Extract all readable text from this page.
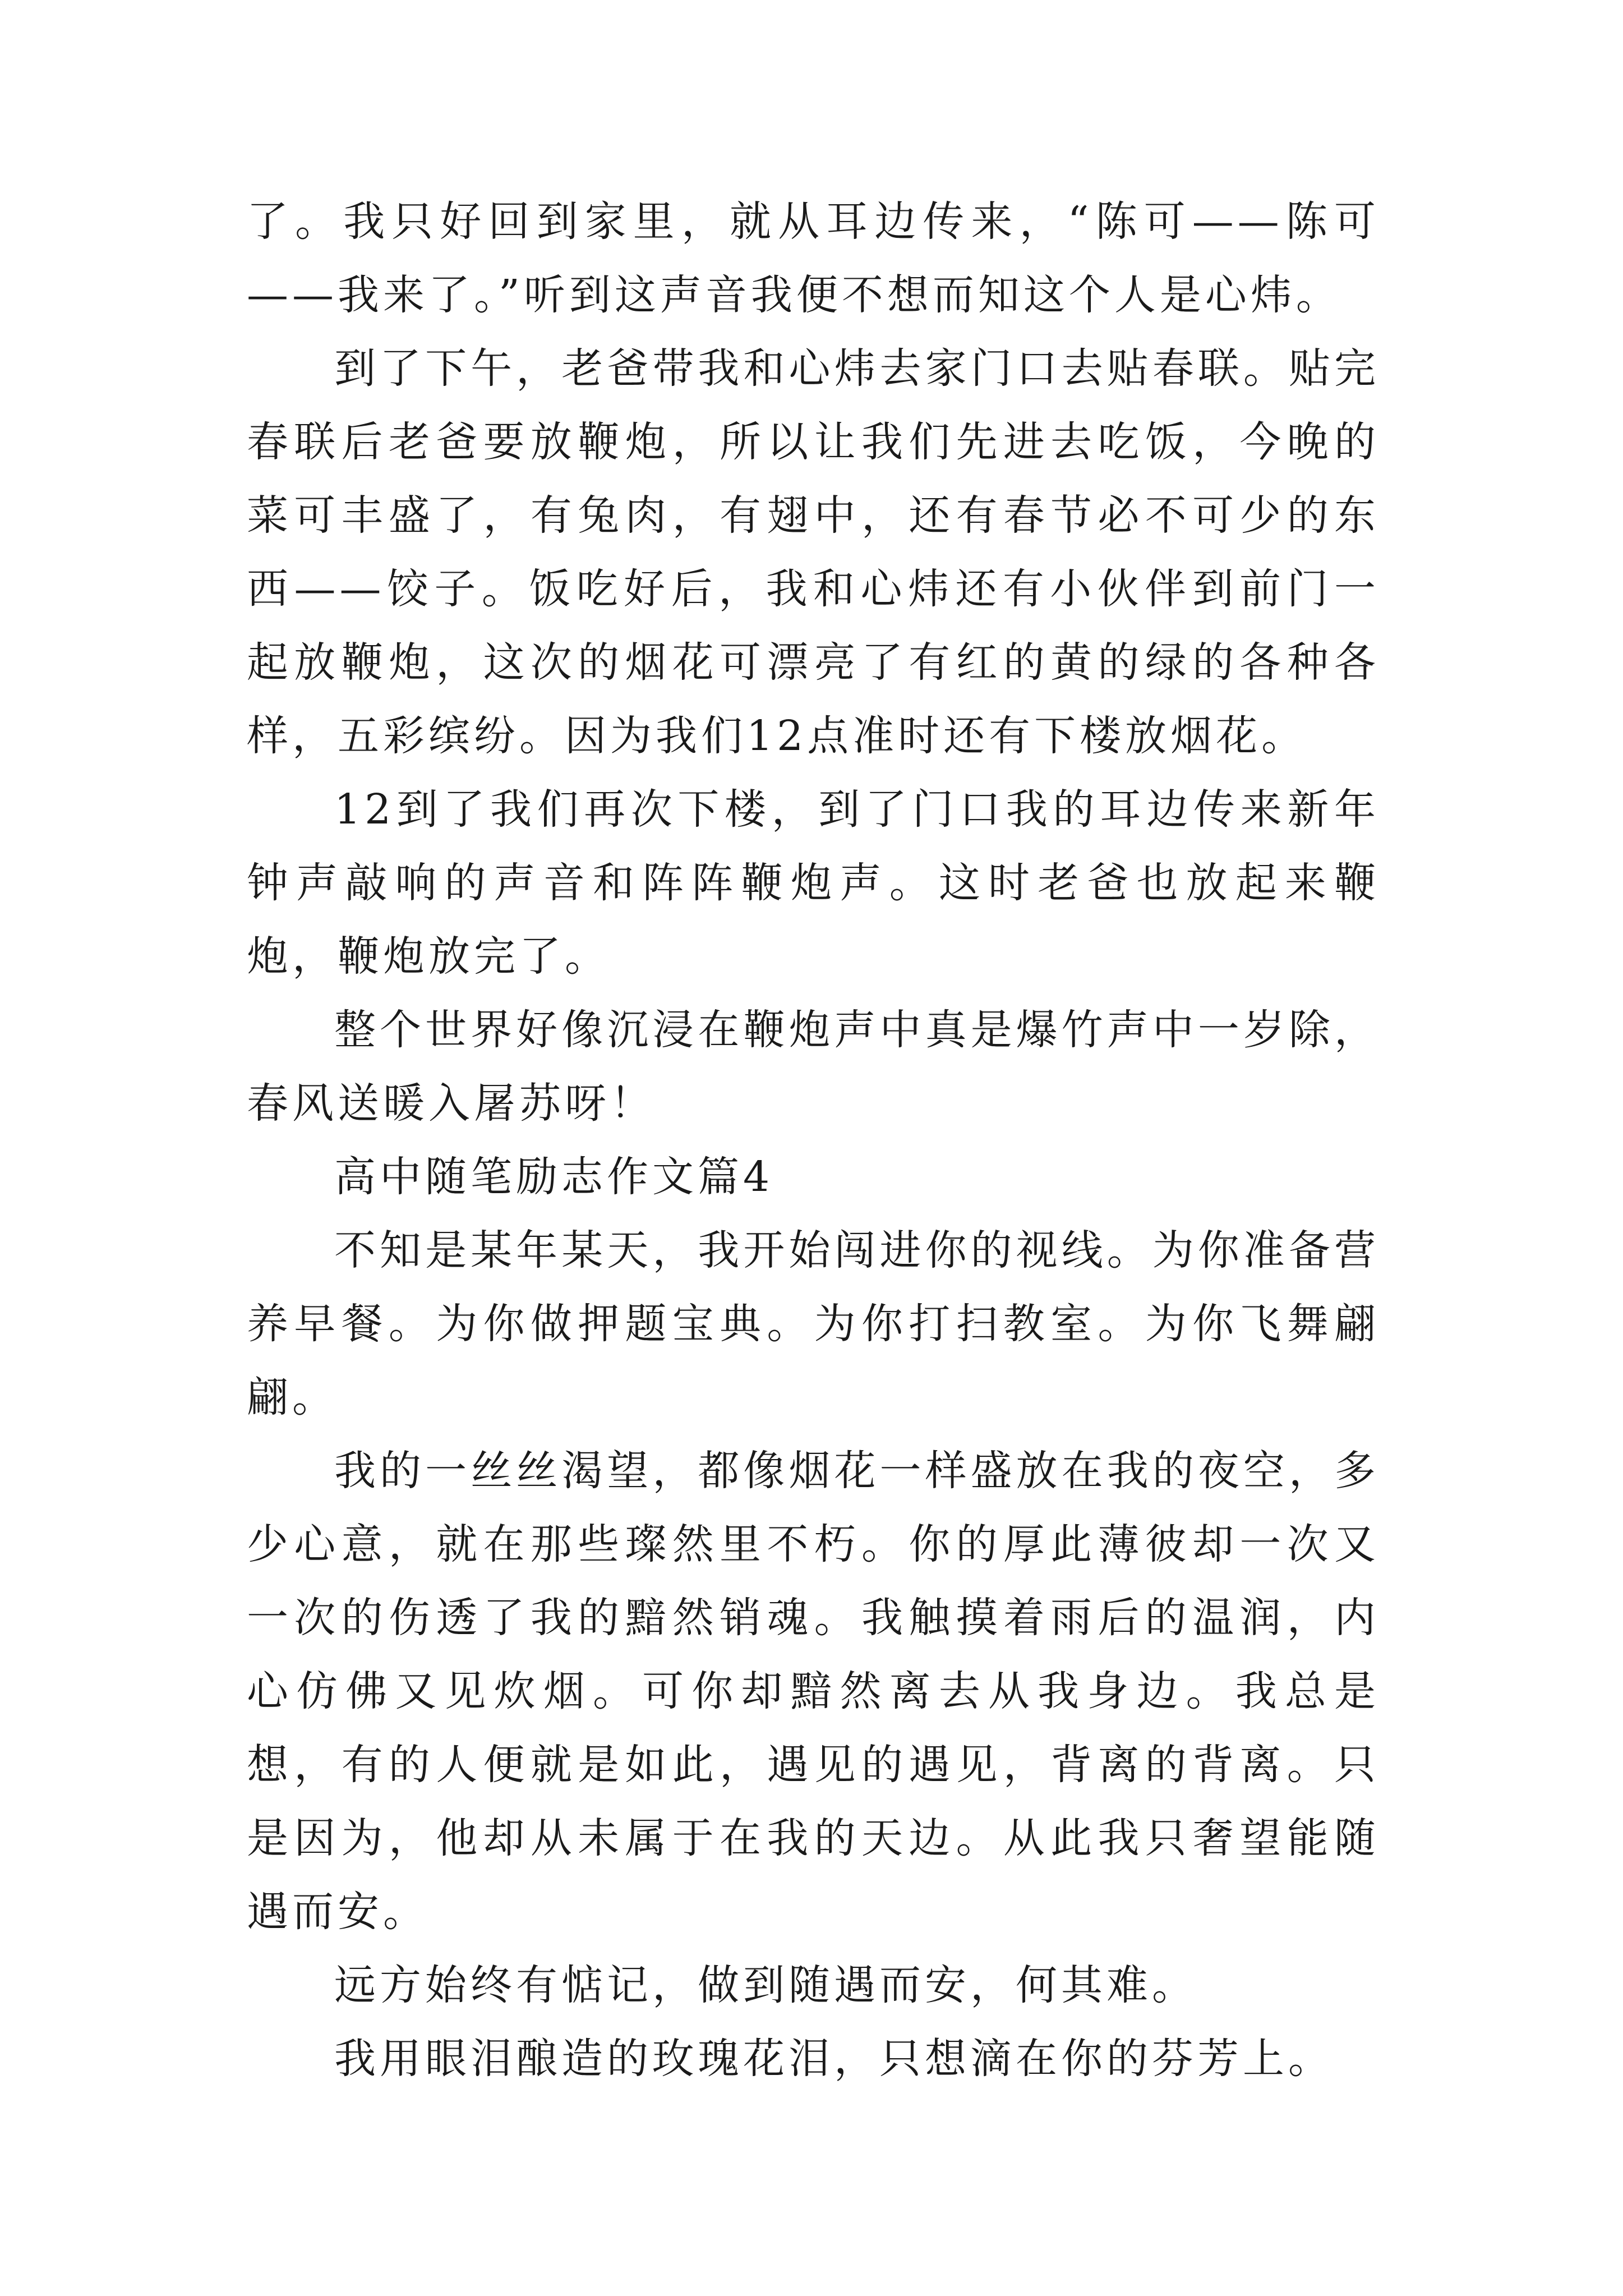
了。我只好回到家里，就从耳边传来，“陈可——陈可——我来了。”听到这声音我便不想而知这个人是心炜。

到了下午，老爸带我和心炜去家门口去贴春联。贴完春联后老爸要放鞭炮，所以让我们先进去吃饭，今晚的菜可丰盛了，有兔肉，有翅中，还有春节必不可少的东西——饺子。饭吃好后，我和心炜还有小伙伴到前门一起放鞭炮，这次的烟花可漂亮了有红的黄的绿的各种各样，五彩缤纷。因为我们12点准时还有下楼放烟花。

12到了我们再次下楼，到了门口我的耳边传来新年钟声敲响的声音和阵阵鞭炮声。这时老爸也放起来鞭炮，鞭炮放完了。

整个世界好像沉浸在鞭炮声中真是爆竹声中一岁除，春风送暖入屠苏呀！

高中随笔励志作文篇4

不知是某年某天，我开始闯进你的视线。为你准备营养早餐。为你做押题宝典。为你打扫教室。为你飞舞翩翩。

我的一丝丝渴望，都像烟花一样盛放在我的夜空，多少心意，就在那些璨然里不朽。你的厚此薄彼却一次又一次的伤透了我的黯然销魂。我触摸着雨后的温润，内心仿佛又见炊烟。可你却黯然离去从我身边。我总是想，有的人便就是如此，遇见的遇见，背离的背离。只是因为，他却从未属于在我的天边。从此我只奢望能随遇而安。

远方始终有惦记，做到随遇而安，何其难。

我用眼泪酿造的玫瑰花泪，只想滴在你的芬芳上。
